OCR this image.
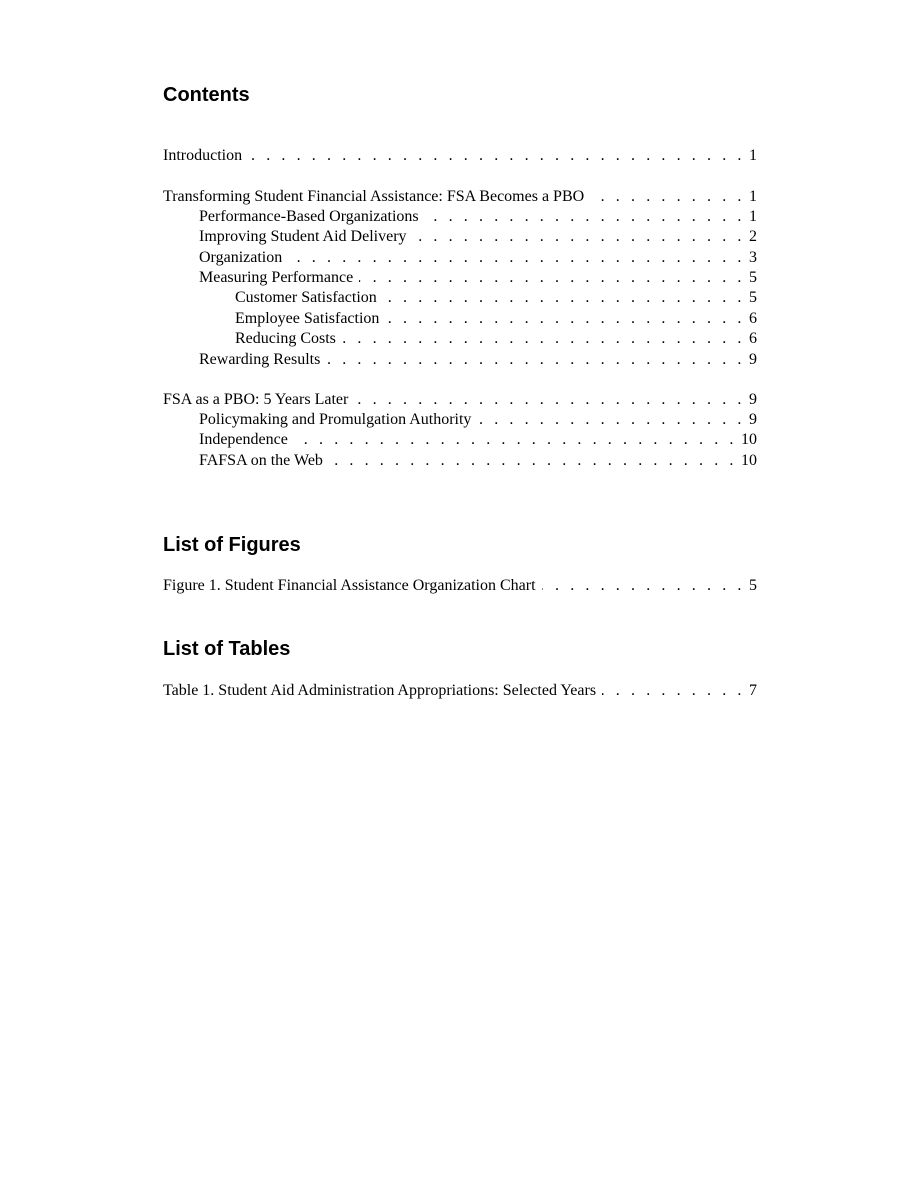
Contents
Introduction . . .	1
Transforming Student Financial Assistance: FSA Becomes a PBO . . .	1
Performance-Based Organizations . . .	1
Improving Student Aid Delivery . . .	2
Organization . . .	3
Measuring Performance . . .	5
Customer Satisfaction . . .	5
Employee Satisfaction . . .	6
Reducing Costs . . .	6
Rewarding Results . . .	9
FSA as a PBO: 5 Years Later . . .	9
Policymaking and Promulgation Authority . . .	9
Independence . . .	10
FAFSA on the Web . . .	10
List of Figures
Figure 1. Student Financial Assistance Organization Chart . . .	5
List of Tables
Table 1. Student Aid Administration Appropriations: Selected Years . . .	7
